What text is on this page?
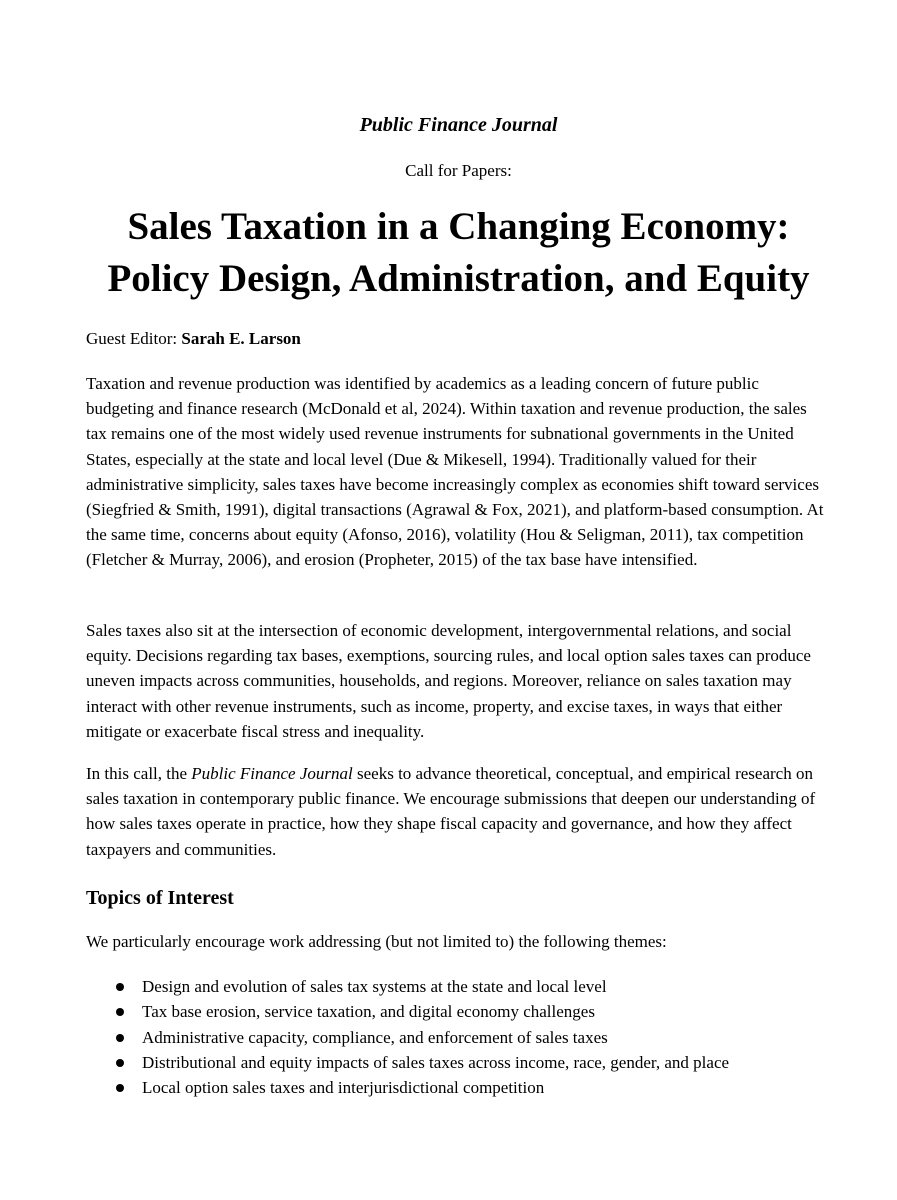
Public Finance Journal
Call for Papers:
Sales Taxation in a Changing Economy:
Policy Design, Administration, and Equity
Guest Editor: Sarah E. Larson

Taxation and revenue production was identified by academics as a leading concern of future public budgeting and finance research (McDonald et al, 2024). Within taxation and revenue production, the sales tax remains one of the most widely used revenue instruments for subnational governments in the United States, especially at the state and local level (Due & Mikesell, 1994). Traditionally valued for their administrative simplicity, sales taxes have become increasingly complex as economies shift toward services (Siegfried & Smith, 1991), digital transactions (Agrawal & Fox, 2021), and platform-based consumption. At the same time, concerns about equity (Afonso, 2016), volatility (Hou & Seligman, 2011), tax competition (Fletcher & Murray, 2006), and erosion (Propheter, 2015) of the tax base have intensified.

Sales taxes also sit at the intersection of economic development, intergovernmental relations, and social equity. Decisions regarding tax bases, exemptions, sourcing rules, and local option sales taxes can produce uneven impacts across communities, households, and regions. Moreover, reliance on sales taxation may interact with other revenue instruments, such as income, property, and excise taxes, in ways that either mitigate or exacerbate fiscal stress and inequality.

In this call, the Public Finance Journal seeks to advance theoretical, conceptual, and empirical research on sales taxation in contemporary public finance. We encourage submissions that deepen our understanding of how sales taxes operate in practice, how they shape fiscal capacity and governance, and how they affect taxpayers and communities.

Topics of Interest
We particularly encourage work addressing (but not limited to) the following themes:
Design and evolution of sales tax systems at the state and local level
Tax base erosion, service taxation, and digital economy challenges
Administrative capacity, compliance, and enforcement of sales taxes
Distributional and equity impacts of sales taxes across income, race, gender, and place
Local option sales taxes and interjurisdictional competition
